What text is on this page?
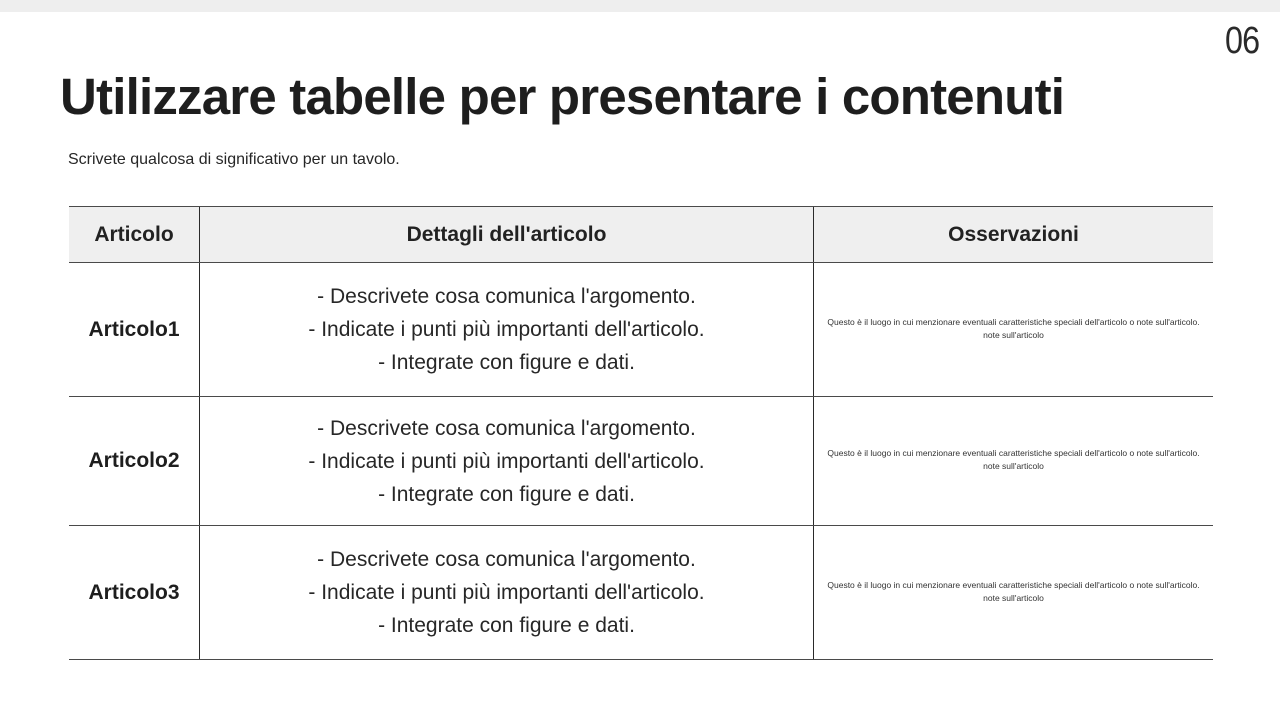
06
Utilizzare tabelle per presentare i contenuti

Scrivete qualcosa di significativo per un tavolo.

Articolo	Dettagli dell'articolo	Osservazioni
Articolo1
- Descrivete cosa comunica l'argomento.
- Indicate i punti più importanti dell'articolo.
- Integrate con figure e dati.
Questo è il luogo in cui menzionare eventuali caratteristiche speciali dell'articolo o note sull'articolo.
note sull'articolo
Articolo2
- Descrivete cosa comunica l'argomento.
- Indicate i punti più importanti dell'articolo.
- Integrate con figure e dati.
Questo è il luogo in cui menzionare eventuali caratteristiche speciali dell'articolo o note sull'articolo.
note sull'articolo
Articolo3
- Descrivete cosa comunica l'argomento.
- Indicate i punti più importanti dell'articolo.
- Integrate con figure e dati.
Questo è il luogo in cui menzionare eventuali caratteristiche speciali dell'articolo o note sull'articolo.
note sull'articolo
